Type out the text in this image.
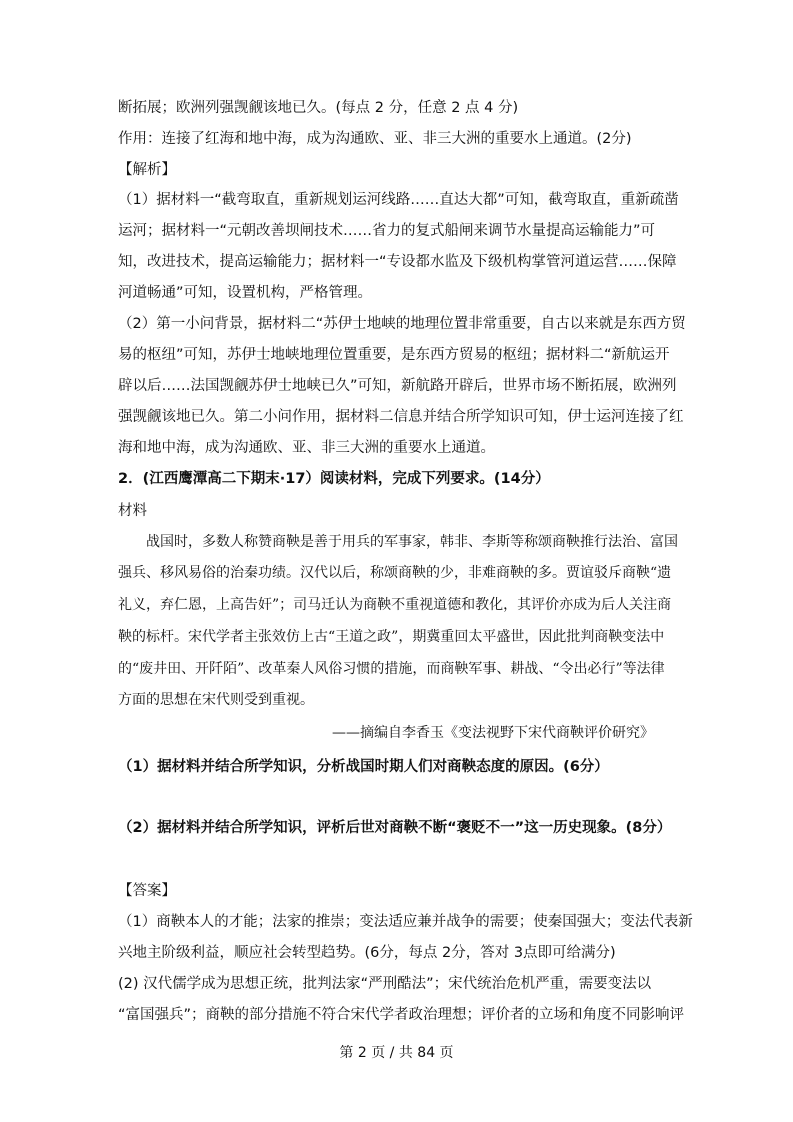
断拓展；欧洲列强觊觎该地已久。(每点 2 分，任意 2 点 4 分)
作用：连接了红海和地中海，成为沟通欧、亚、非三大洲的重要水上通道。(2分)
【解析】
（1）据材料一“截弯取直，重新规划运河线路……直达大都”可知，截弯取直，重新疏凿
运河；据材料一“元朝改善坝闸技术……省力的复式船闸来调节水量提高运输能力”可
知，改进技术，提高运输能力；据材料一“专设都水监及下级机构掌管河道运营……保障
河道畅通”可知，设置机构，严格管理。
（2）第一小问背景，据材料二“苏伊士地峡的地理位置非常重要，自古以来就是东西方贸
易的枢纽”可知，苏伊士地峡地理位置重要，是东西方贸易的枢纽；据材料二“新航运开
辟以后……法国觊觎苏伊士地峡已久”可知，新航路开辟后，世界市场不断拓展，欧洲列
强觊觎该地已久。第二小问作用，据材料二信息并结合所学知识可知，伊士运河连接了红
海和地中海，成为沟通欧、亚、非三大洲的重要水上通道。
2．(江西鹰潭高二下期末·17）阅读材料，完成下列要求。(14分）
材料
战国时，多数人称赞商鞅是善于用兵的军事家，韩非、李斯等称颂商鞅推行法治、富国
强兵、移风易俗的治秦功绩。汉代以后，称颂商鞅的少，非难商鞅的多。贾谊驳斥商鞅“遗
礼义，弃仁恩，上高告奸”；司马迁认为商鞅不重视道德和教化，其评价亦成为后人关注商
鞅的标杆。宋代学者主张效仿上古“王道之政”，期冀重回太平盛世，因此批判商鞅变法中
的“废井田、开阡陌”、改革秦人风俗习惯的措施，而商鞅军事、耕战、“令出必行”等法律
方面的思想在宋代则受到重视。
——摘编自李香玉《变法视野下宋代商鞅评价研究》
（1）据材料并结合所学知识，分析战国时期人们对商鞅态度的原因。(6分）
（2）据材料并结合所学知识，评析后世对商鞅不断“褒贬不一”这一历史现象。(8分）
【答案】
（1）商鞅本人的才能；法家的推崇；变法适应兼并战争的需要；使秦国强大；变法代表新
兴地主阶级利益，顺应社会转型趋势。(6分，每点 2分，答对 3点即可给满分)
(2) 汉代儒学成为思想正统，批判法家“严刑酷法”；宋代统治危机严重，需要变法以
“富国强兵”；商鞅的部分措施不符合宋代学者政治理想；评价者的立场和角度不同影响评
第 2 页 / 共 84 页
